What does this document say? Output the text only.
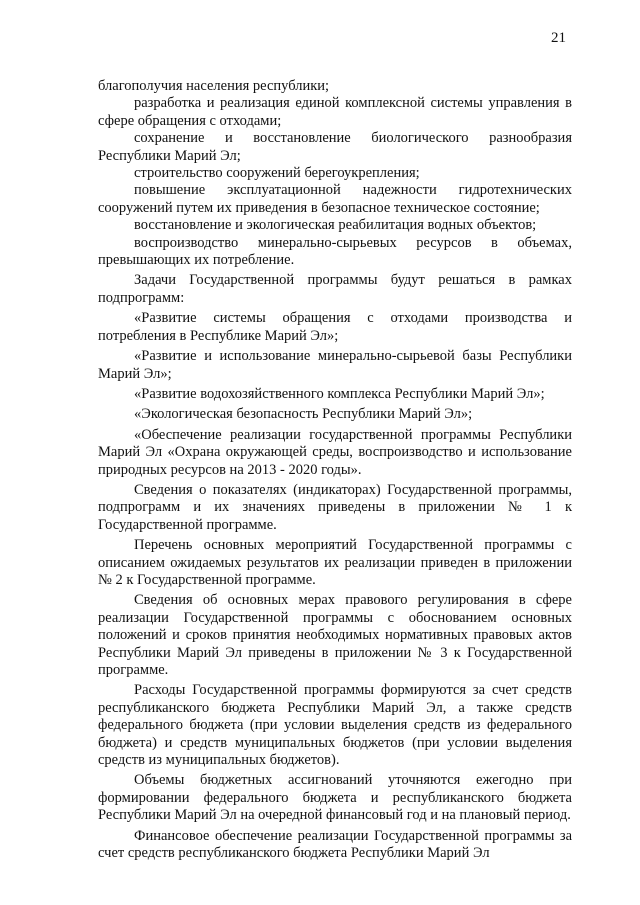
21

благополучия населения республики;

разработка и реализация единой комплексной системы управления в сфере обращения с отходами;

сохранение и восстановление биологического разнообразия Республики Марий Эл;

строительство сооружений берегоукрепления;

повышение эксплуатационной надежности гидротехнических сооружений путем их приведения в безопасное техническое состояние;

восстановление и экологическая реабилитация водных объектов;

воспроизводство минерально-сырьевых ресурсов в объемах, превышающих их потребление.

Задачи Государственной программы будут решаться в рамках подпрограмм:

«Развитие системы обращения с отходами производства и потребления в Республике Марий Эл»;

«Развитие и использование минерально-сырьевой базы Республики Марий Эл»;

«Развитие водохозяйственного комплекса Республики Марий Эл»;

«Экологическая безопасность Республики Марий Эл»;

«Обеспечение реализации государственной программы Республики Марий Эл «Охрана окружающей среды, воспроизводство и использование природных ресурсов на 2013 - 2020 годы».

Сведения о показателях (индикаторах) Государственной программы, подпрограмм и их значениях приведены в приложении № 1 к Государственной программе.

Перечень основных мероприятий Государственной программы с описанием ожидаемых результатов их реализации приведен в приложении № 2 к Государственной программе.

Сведения об основных мерах правового регулирования в сфере реализации Государственной программы с обоснованием основных положений и сроков принятия необходимых нормативных правовых актов Республики Марий Эл приведены в приложении № 3 к Государственной программе.

Расходы Государственной программы формируются за счет средств республиканского бюджета Республики Марий Эл, а также средств федерального бюджета (при условии выделения средств из федерального бюджета) и средств муниципальных бюджетов (при условии выделения средств из муниципальных бюджетов).

Объемы бюджетных ассигнований уточняются ежегодно при формировании федерального бюджета и республиканского бюджета Республики Марий Эл на очередной финансовый год и на плановый период.

Финансовое обеспечение реализации Государственной программы за счет средств республиканского бюджета Республики Марий Эл
